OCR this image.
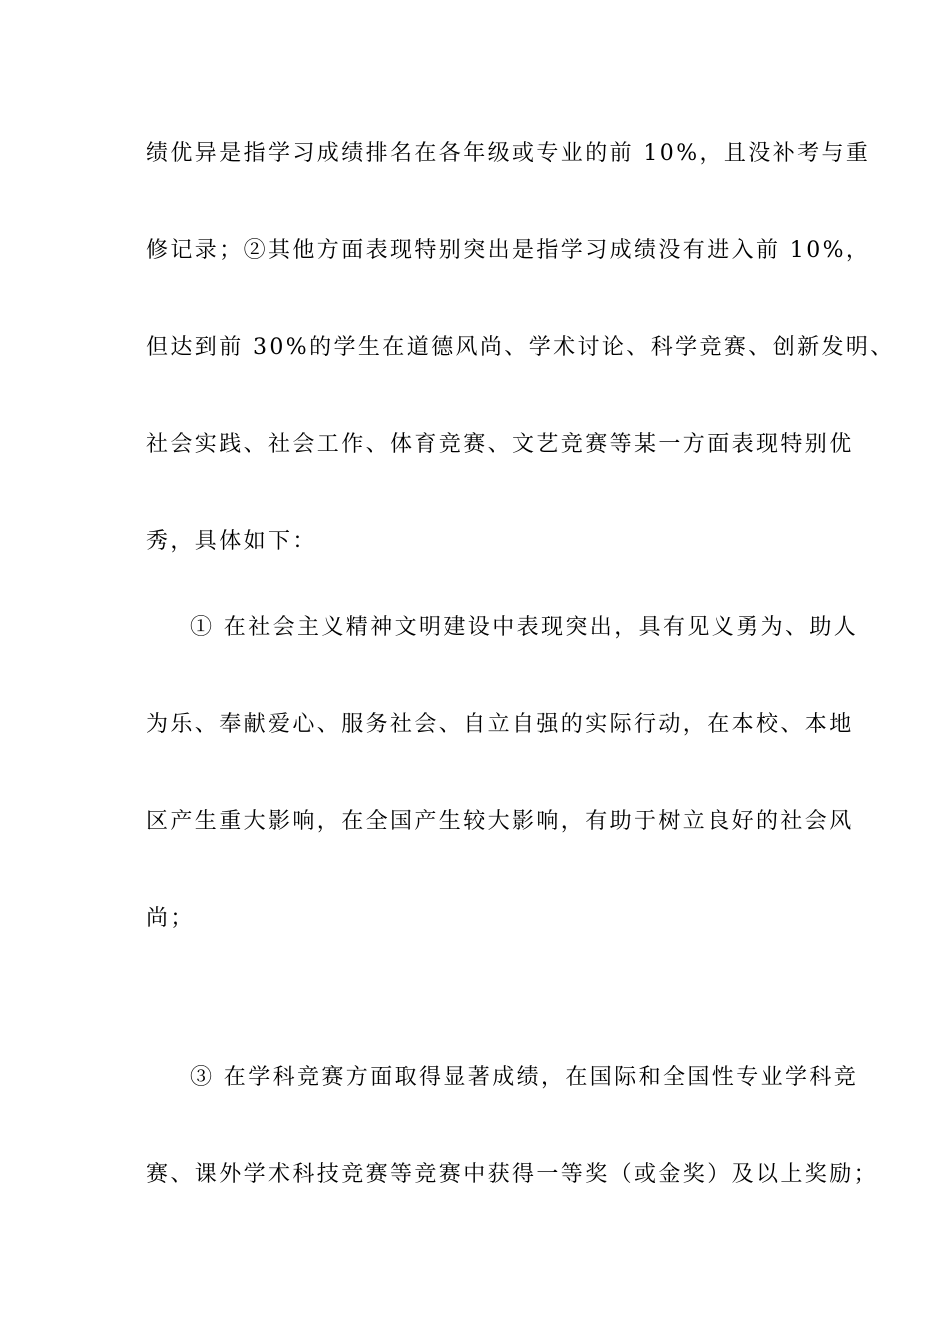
绩优异是指学习成绩排名在各年级或专业的前 10%，且没补考与重
修记录；②其他方面表现特别突出是指学习成绩没有进入前 10%，
但达到前 30%的学生在道德风尚、学术讨论、科学竞赛、创新发明、
社会实践、社会工作、体育竞赛、文艺竞赛等某一方面表现特别优
秀，具体如下：
① 在社会主义精神文明建设中表现突出，具有见义勇为、助人
为乐、奉献爱心、服务社会、自立自强的实际行动，在本校、本地
区产生重大影响，在全国产生较大影响，有助于树立良好的社会风
尚；
③ 在学科竞赛方面取得显著成绩，在国际和全国性专业学科竞
赛、课外学术科技竞赛等竞赛中获得一等奖（或金奖）及以上奖励；
